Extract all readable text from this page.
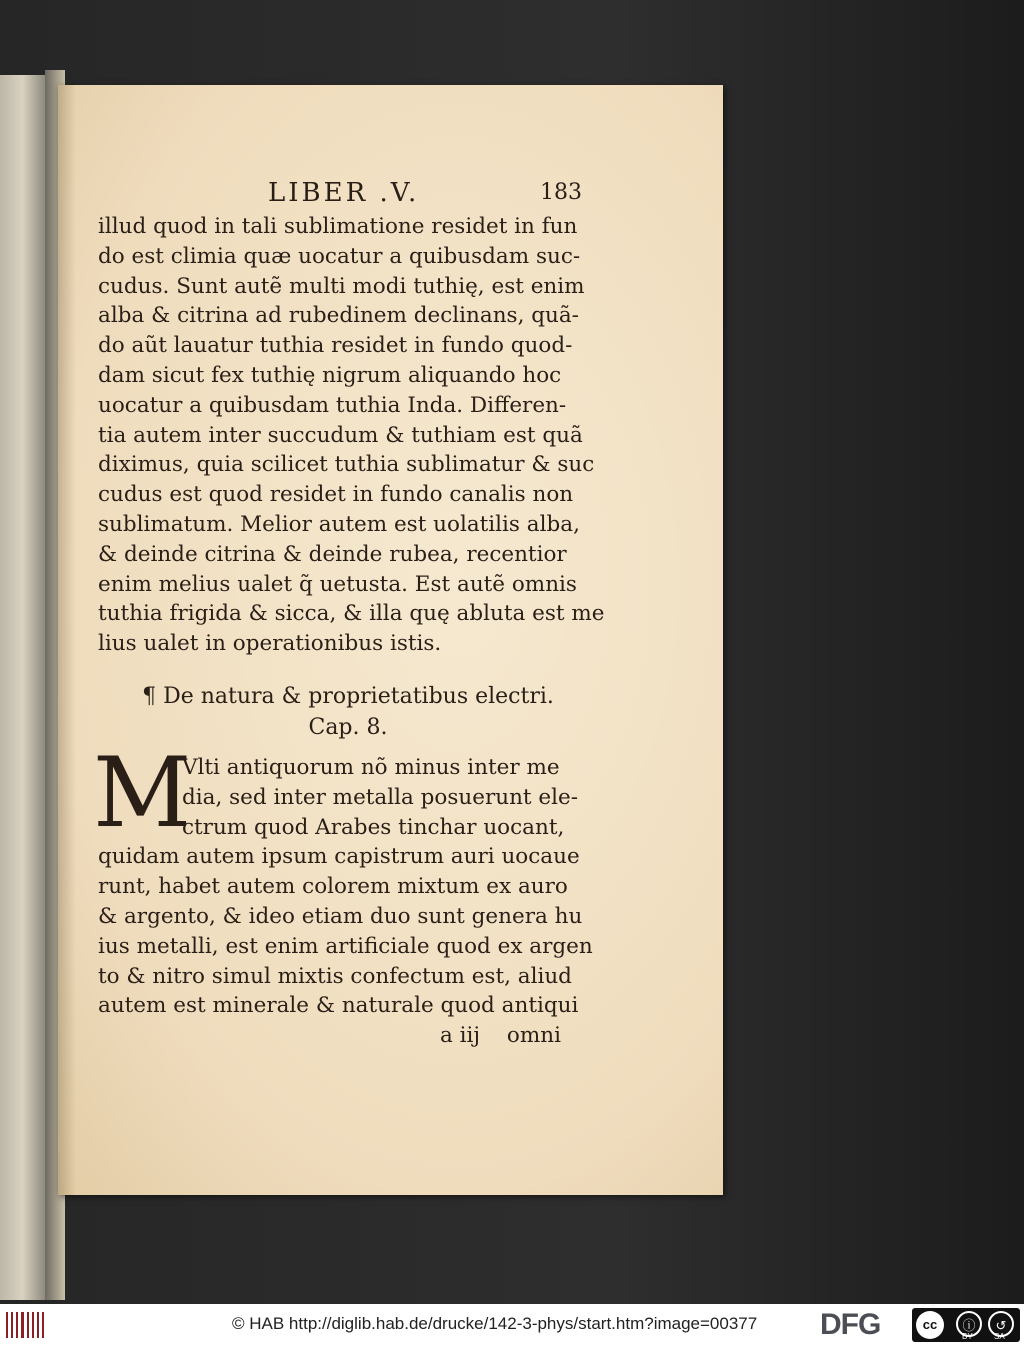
LIBER .V.	183
illud quod in tali sublimatione residet in fun
do est climia quæ uocatur a quibusdam suc-
cudus. Sunt autẽ multi modi tuthię, est enim
alba & citrina ad rubedinem declinans, quã-
do aũt lauatur tuthia residet in fundo quod-
dam sicut fex tuthię nigrum aliquando hoc
uocatur a quibusdam tuthia Inda. Differen-
tia autem inter succudum & tuthiam est quã
diximus, quia scilicet tuthia sublimatur & suc
cudus est quod residet in fundo canalis non
sublimatum. Melior autem est uolatilis alba,
& deinde citrina & deinde rubea, recentior
enim melius ualet q̃ uetusta. Est autẽ omnis
tuthia frigida & sicca, & illa quę abluta est me
lius ualet in operationibus istis.
¶ De natura & proprietatibus electri.
Cap. 8.
M
Vlti antiquorum nõ minus inter me
dia, sed inter metalla posuerunt ele-
ctrum quod Arabes tinchar uocant,
quidam autem ipsum capistrum auri uocaue
runt, habet autem colorem mixtum ex auro
& argento, & ideo etiam duo sunt genera hu
ius metalli, est enim artificiale quod ex argen
to & nitro simul mixtis confectum est, aliud
autem est minerale & naturale quod antiqui
a iij omni
© HAB http://diglib.hab.de/drucke/142-3-phys/start.htm?image=00377 DFG	cc	ⓘ
BY
↺
SA
